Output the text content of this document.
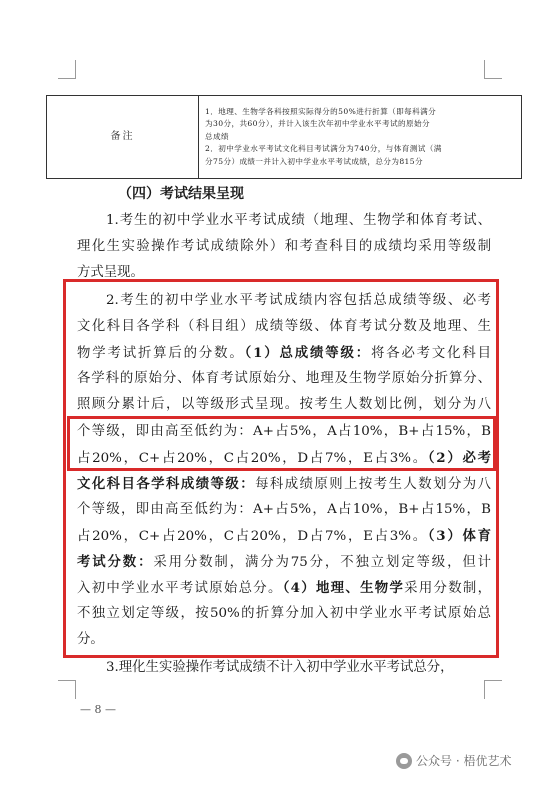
备注	
1．地理、生物学各科按照实际得分的50%进行折算（即每科满分
为30分，共60分），并计入该生次年初中学业水平考试的原始分
总成绩
2．初中学业水平考试文化科目考试满分为740分，与体育测试（满
分75分）成绩一并计入初中学业水平考试成绩，总分为815分
（四）考试结果呈现
1.考生的初中学业水平考试成绩（地理、生物学和体育考试、
理化生实验操作考试成绩除外）和考查科目的成绩均采用等级制
方式呈现。
2.考生的初中学业水平考试成绩内容包括总成绩等级、必考
文化科目各学科（科目组）成绩等级、体育考试分数及地理、生
物学考试折算后的分数。（1）总成绩等级：将各必考文化科目
各学科的原始分、体育考试原始分、地理及生物学原始分折算分、
照顾分累计后，以等级形式呈现。按考生人数划比例，划分为八
个等级，即由高至低约为：A+占5%，A占10%，B+占15%，B
占20%，C+占20%，C占20%，D占7%，E占3%。（2）必考
文化科目各学科成绩等级：每科成绩原则上按考生人数划分为八
个等级，即由高至低约为：A+占5%，A占10%，B+占15%，B
占20%，C+占20%，C占20%，D占7%，E占3%。（3）体育
考试分数：采用分数制，满分为75分，不独立划定等级，但计
入初中学业水平考试原始总分。（4）地理、生物学采用分数制，
不独立划定等级，按50%的折算分加入初中学业水平考试原始总
分。
3.理化生实验操作考试成绩不计入初中学业水平考试总分，
— 8 —
公众号 · 梧优艺术
